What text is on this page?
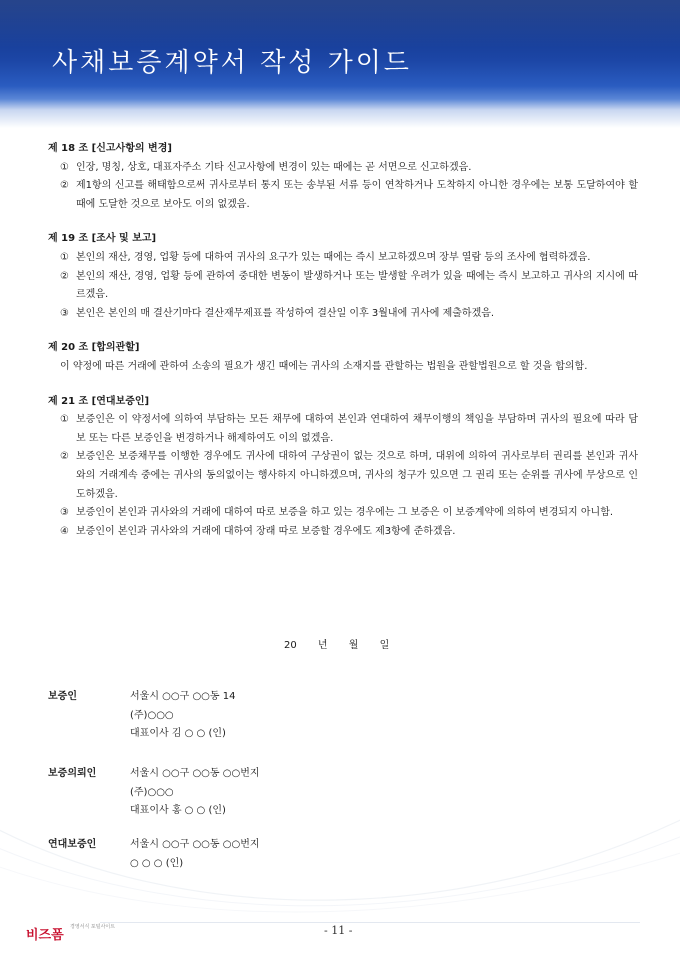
사채보증계약서 작성 가이드
제 18 조 [신고사항의 변경]
① 인장, 명칭, 상호, 대표자주소 기타 신고사항에 변경이 있는 때에는 곧 서면으로 신고하겠음.
② 제1항의 신고를 해태함으로써 귀사로부터 통지 또는 송부된 서류 등이 연착하거나 도착하지 아니한 경우에는 보통 도달하여야 할 때에 도달한 것으로 보아도 이의 없겠음.
제 19 조 [조사 및 보고]
① 본인의 재산, 경영, 업황 등에 대하여 귀사의 요구가 있는 때에는 즉시 보고하겠으며 장부 열람 등의 조사에 협력하겠음.
② 본인의 재산, 경영, 업황 등에 관하여 중대한 변동이 발생하거나 또는 발생할 우려가 있을 때에는 즉시 보고하고 귀사의 지시에 따르겠음.
③ 본인은 본인의 매 결산기마다 결산재무제표를 작성하여 결산일 이후 3월내에 귀사에 제출하겠음.
제 20 조 [합의관할]
이 약정에 따른 거래에 관하여 소송의 필요가 생긴 때에는 귀사의 소재지를 관할하는 법원을 관할법원으로 할 것을 합의함.
제 21 조 [연대보증인]
① 보증인은 이 약정서에 의하여 부담하는 모든 채무에 대하여 본인과 연대하여 채무이행의 책임을 부담하며 귀사의 필요에 따라 담보 또는 다른 보증인을 변경하거나 해제하여도 이의 없겠음.
② 보증인은 보증채무를 이행한 경우에도 귀사에 대하여 구상권이 없는 것으로 하며, 대위에 의하여 귀사로부터 권리를 본인과 귀사와의 거래계속 중에는 귀사의 동의없이는 행사하지 아니하겠으며, 귀사의 청구가 있으면 그 권리 또는 순위를 귀사에 무상으로 인도하겠음.
③ 보증인이 본인과 귀사와의 거래에 대하여 따로 보증을 하고 있는 경우에는 그 보증은 이 보증계약에 의하여 변경되지 아니함.
④ 보증인이 본인과 귀사와의 거래에 대하여 장래 따로 보증할 경우에도 제3항에 준하겠음.
20 년 월 일
보증인	서울시 ○○구 ○○동 14
(주)○○○
대표이사 김 ○ ○ (인)
보증의뢰인	서울시 ○○구 ○○동 ○○번지
(주)○○○
대표이사 홍 ○ ○ (인)
연대보증인	서울시 ○○구 ○○동 ○○번지
○ ○ ○ (인)
비즈폼
경영서식 포털사이트	- 11 -
